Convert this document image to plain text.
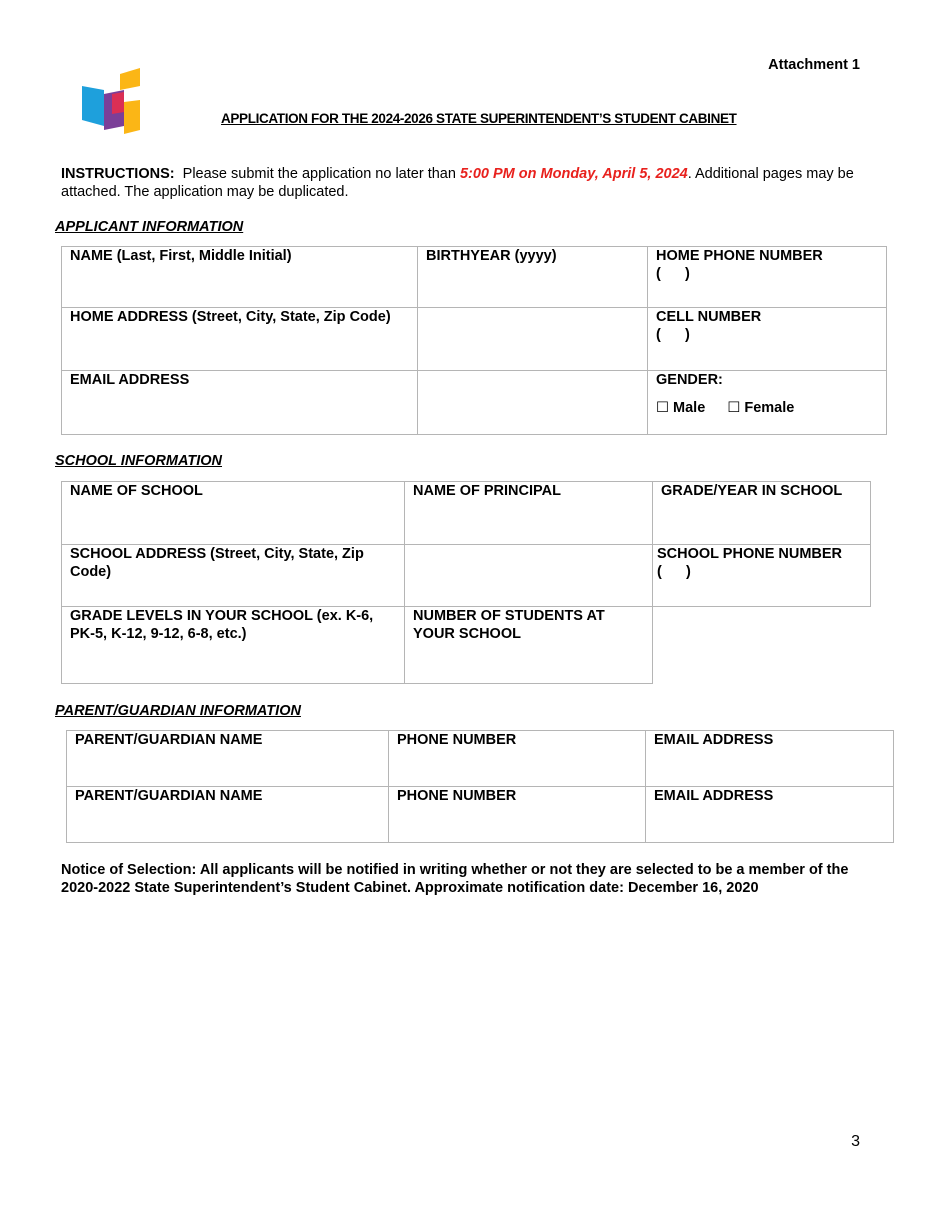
Attachment 1
APPLICATION FOR THE 2024-2026 STATE SUPERINTENDENT’S STUDENT CABINET
INSTRUCTIONS: Please submit the application no later than 5:00 PM on Monday, April 5, 2024. Additional pages may be attached. The application may be duplicated.
APPLICANT INFORMATION
NAME (Last, First, Middle Initial)	BIRTHYEAR (yyyy)	HOME PHONE NUMBER
(      )

HOME ADDRESS (Street, City, State, Zip Code)		CELL NUMBER
(      )

EMAIL ADDRESS		GENDER:
☐ Male ☐ Female
SCHOOL INFORMATION
NAME OF SCHOOL	NAME OF PRINCIPAL	GRADE/YEAR IN SCHOOL
SCHOOL ADDRESS (Street, City, State, Zip Code)		SCHOOL PHONE NUMBER
(      )

GRADE LEVELS IN YOUR SCHOOL (ex. K-6, PK-5, K-12, 9-12, 6-8, etc.)	NUMBER OF STUDENTS AT YOUR SCHOOL	
PARENT/GUARDIAN INFORMATION
PARENT/GUARDIAN NAME	PHONE NUMBER	EMAIL ADDRESS
PARENT/GUARDIAN NAME	PHONE NUMBER	EMAIL ADDRESS
Notice of Selection: All applicants will be notified in writing whether or not they are selected to be a member of the 2020-2022 State Superintendent’s Student Cabinet. Approximate notification date: December 16, 2020
3
